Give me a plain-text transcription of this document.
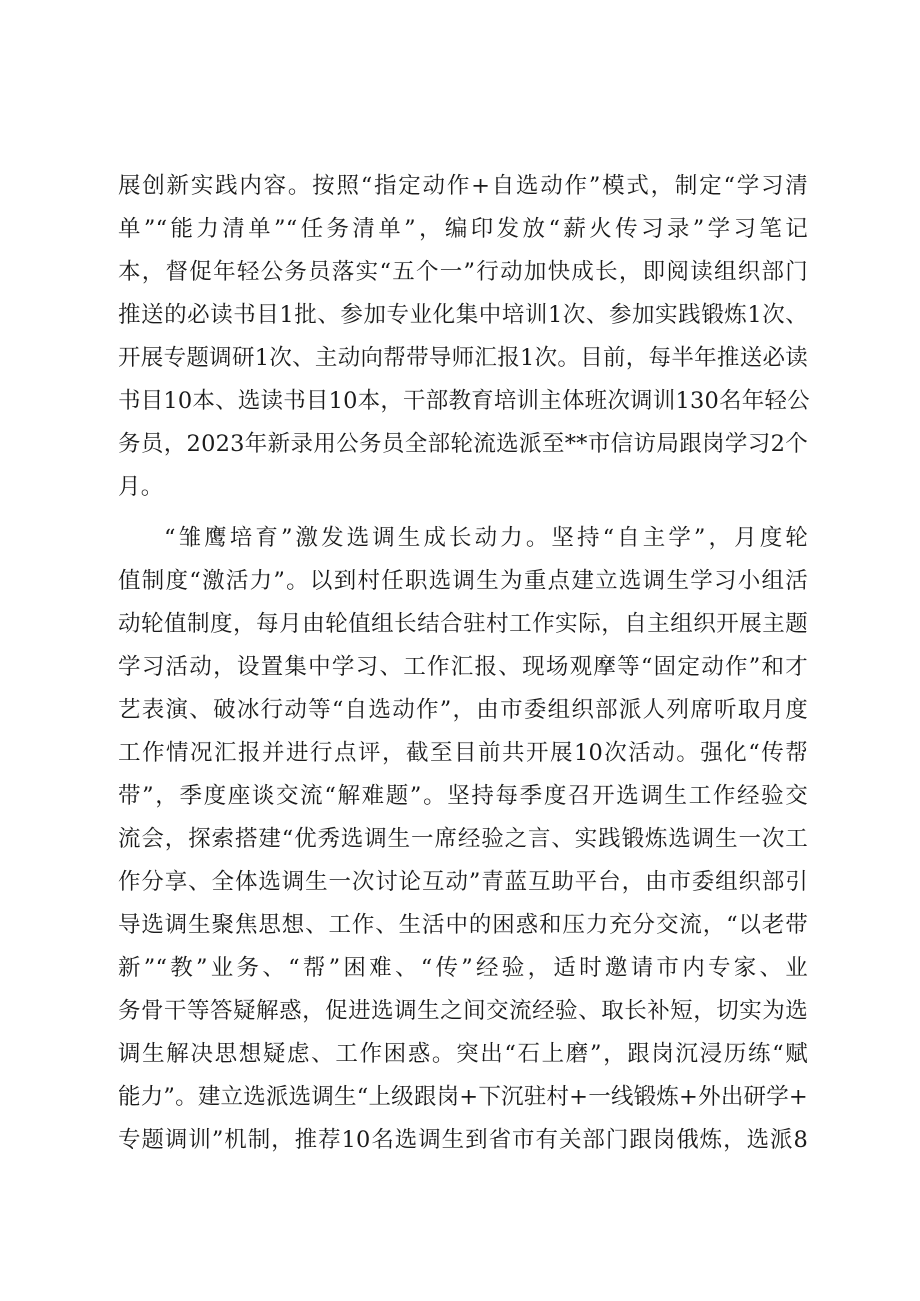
展创新实践内容。按照“指定动作+自选动作”模式，制定“学习清
单”“能力清单”“任务清单”，编印发放“薪火传习录”学习笔记
本，督促年轻公务员落实“五个一”行动加快成长，即阅读组织部门
推送的必读书目1批、参加专业化集中培训1次、参加实践锻炼1次、
开展专题调研1次、主动向帮带导师汇报1次。目前，每半年推送必读
书目10本、选读书目10本，干部教育培训主体班次调训130名年轻公
务员，2023年新录用公务员全部轮流选派至**市信访局跟岗学习2个
月。
“雏鹰培育”激发选调生成长动力。坚持“自主学”，月度轮
值制度“激活力”。以到村任职选调生为重点建立选调生学习小组活
动轮值制度，每月由轮值组长结合驻村工作实际，自主组织开展主题
学习活动，设置集中学习、工作汇报、现场观摩等“固定动作”和才
艺表演、破冰行动等“自选动作”，由市委组织部派人列席听取月度
工作情况汇报并进行点评，截至目前共开展10次活动。强化“传帮
带”，季度座谈交流“解难题”。坚持每季度召开选调生工作经验交
流会，探索搭建“优秀选调生一席经验之言、实践锻炼选调生一次工
作分享、全体选调生一次讨论互动”青蓝互助平台，由市委组织部引
导选调生聚焦思想、工作、生活中的困惑和压力充分交流，“以老带
新”“教”业务、“帮”困难、“传”经验，适时邀请市内专家、业
务骨干等答疑解惑，促进选调生之间交流经验、取长补短，切实为选
调生解决思想疑虑、工作困惑。突出“石上磨”，跟岗沉浸历练“赋
能力”。建立选派选调生“上级跟岗+下沉驻村+一线锻炼+外出研学+
专题调训”机制，推荐10名选调生到省市有关部门跟岗俄炼，选派8
